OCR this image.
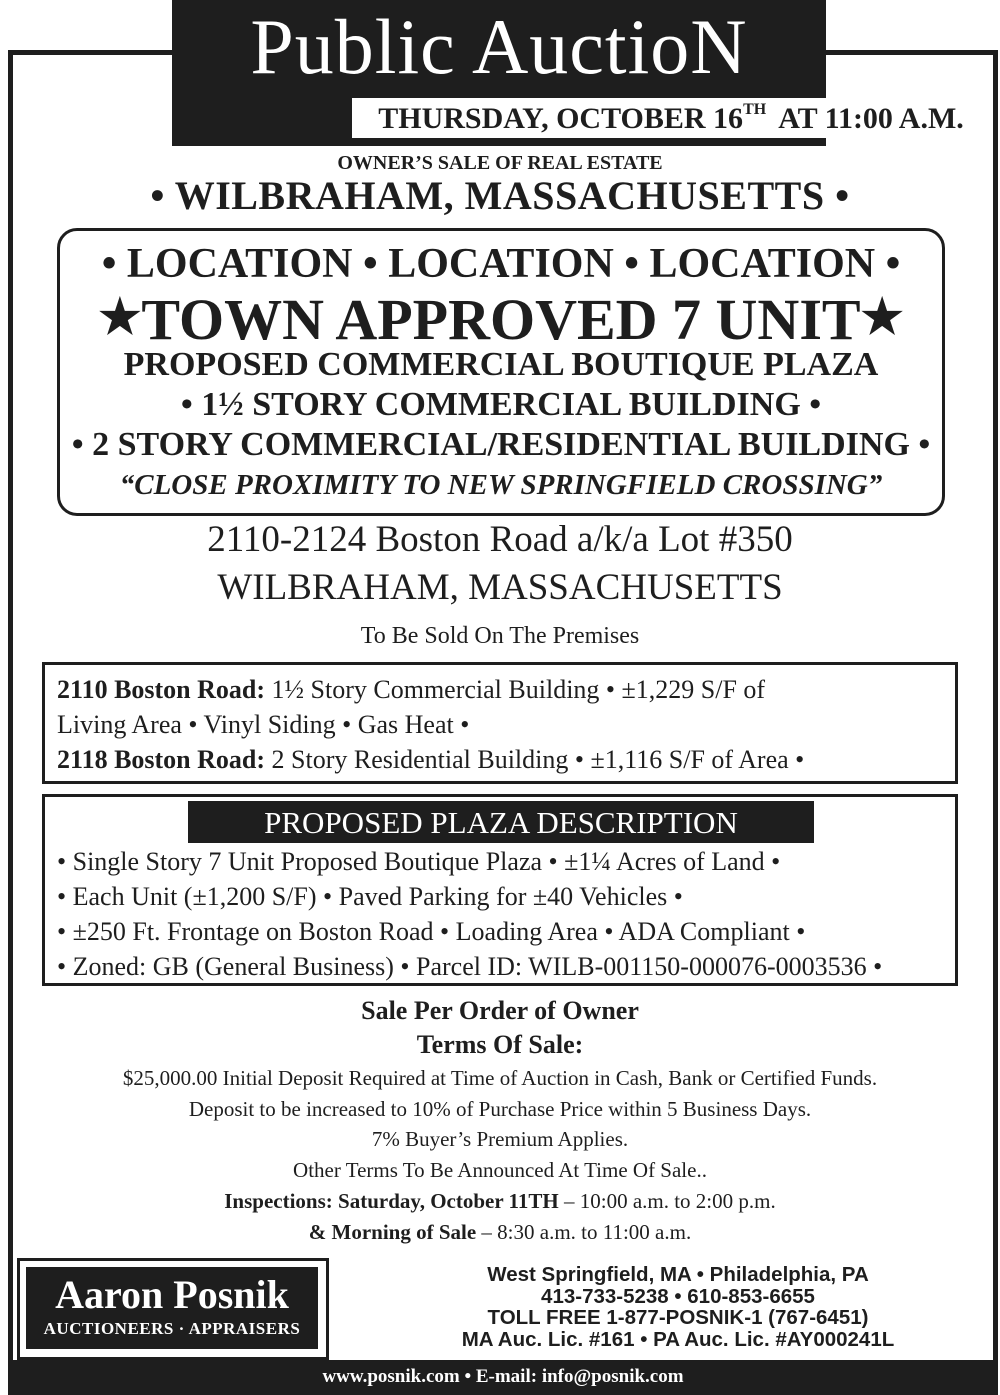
Public AuctioN
THURSDAY, OCTOBER 16TH AT 11:00 A.M.
OWNER’S SALE OF REAL ESTATE
• WILBRAHAM, MASSACHUSETTS •
• LOCATION • LOCATION • LOCATION •
★TOWN APPROVED 7 UNIT★
PROPOSED COMMERCIAL BOUTIQUE PLAZA
• 1½ STORY COMMERCIAL BUILDING •
• 2 STORY COMMERCIAL/RESIDENTIAL BUILDING •
“CLOSE PROXIMITY TO NEW SPRINGFIELD CROSSING”
2110-2124 Boston Road a/k/a Lot #350
WILBRAHAM, MASSACHUSETTS
To Be Sold On The Premises

2110 Boston Road: 1½ Story Commercial Building • ±1,229 S/F of

Living Area • Vinyl Siding • Gas Heat •

2118 Boston Road: 2 Story Residential Building • ±1,116 S/F of Area •

PROPOSED PLAZA DESCRIPTION

• Single Story 7 Unit Proposed Boutique Plaza • ±1¼ Acres of Land •

• Each Unit (±1,200 S/F) • Paved Parking for ±40 Vehicles •

• ±250 Ft. Frontage on Boston Road • Loading Area • ADA Compliant •

• Zoned: GB (General Business) • Parcel ID: WILB-001150-000076-0003536 •

Sale Per Order of Owner
Terms Of Sale:
$25,000.00 Initial Deposit Required at Time of Auction in Cash, Bank or Certified Funds.
Deposit to be increased to 10% of Purchase Price within 5 Business Days.
7% Buyer’s Premium Applies.
Other Terms To Be Announced At Time Of Sale..
Inspections: Saturday, October 11TH – 10:00 a.m. to 2:00 p.m.
& Morning of Sale – 8:30 a.m. to 11:00 a.m.
Aaron Posnik
AUCTIONEERS · APPRAISERS
West Springfield, MA • Philadelphia, PA
413-733-5238 • 610-853-6655
TOLL FREE 1-877-POSNIK-1 (767-6451)
MA Auc. Lic. #161 • PA Auc. Lic. #AY000241L
www.posnik.com • E-mail: info@posnik.com
